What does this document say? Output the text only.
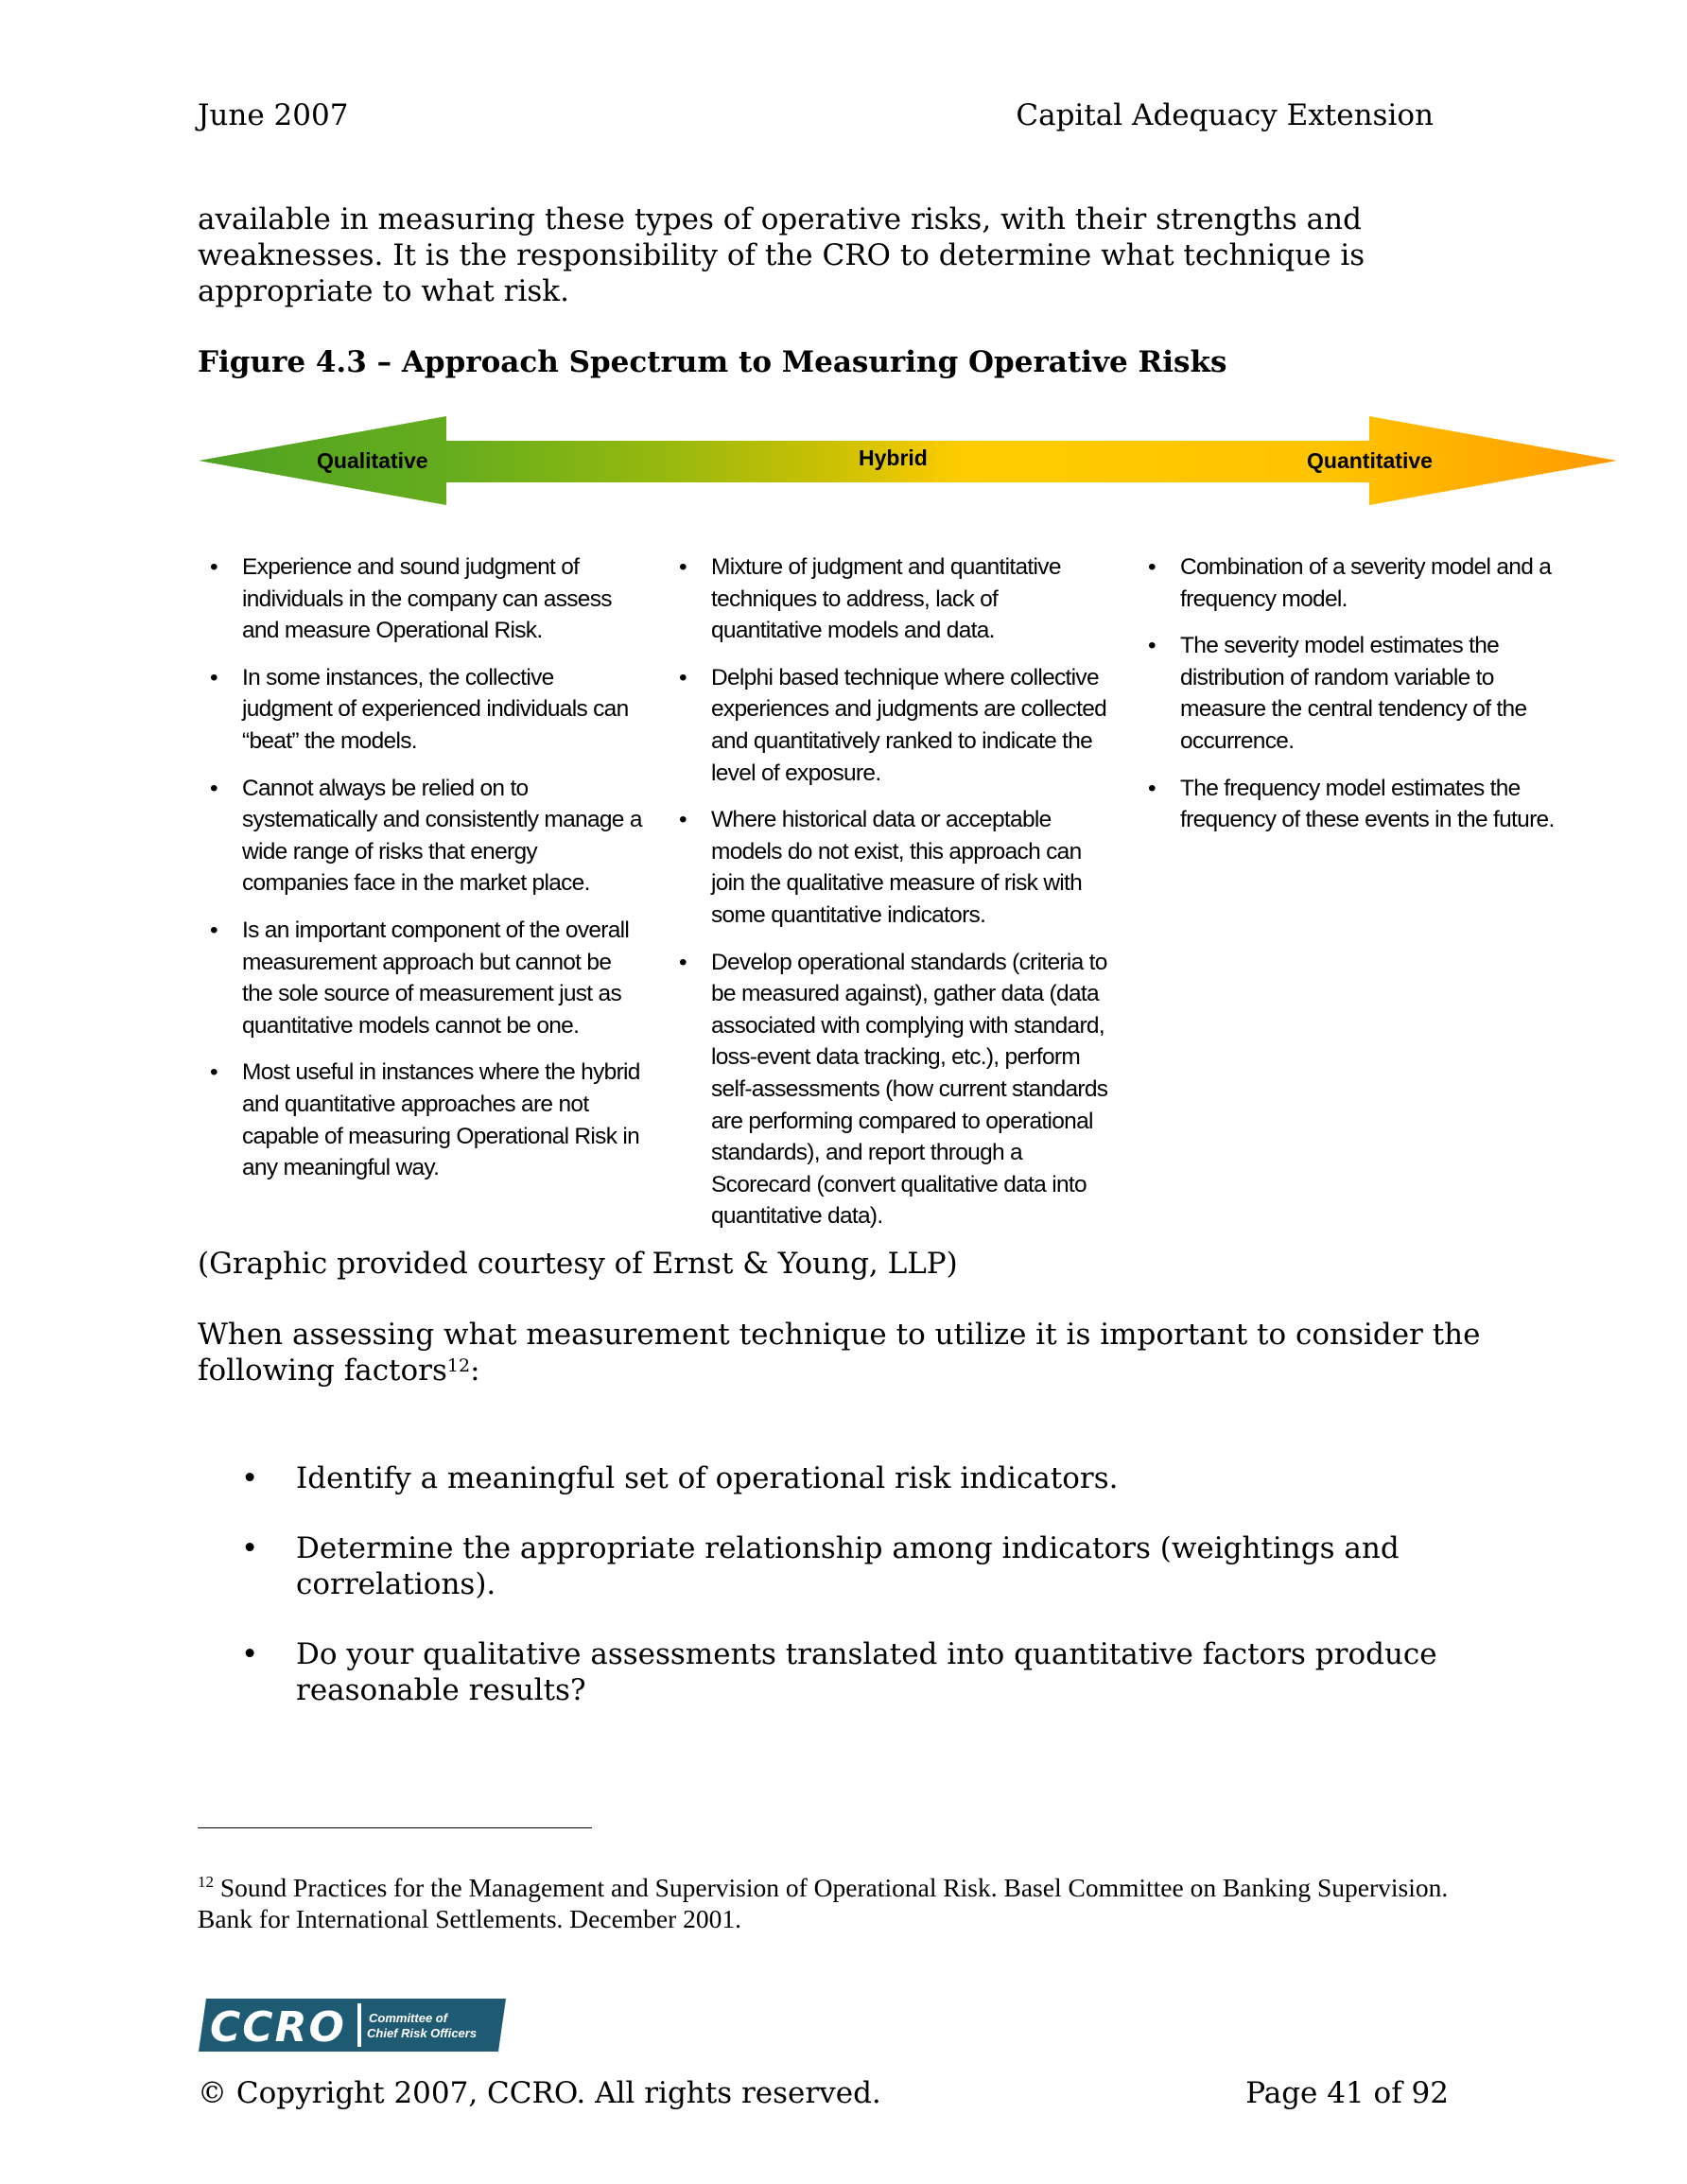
June 2007	Capital Adequacy Extension
available in measuring these types of operative risks, with their strengths and weaknesses. It is the responsibility of the CRO to determine what technique is appropriate to what risk.
Figure 4.3 – Approach Spectrum to Measuring Operative Risks
Qualitative	Hybrid	Quantitative
• Experience and sound judgment of individuals in the company can assess and measure Operational Risk.
• In some instances, the collective judgment of experienced individuals can “beat” the models.
• Cannot always be relied on to systematically and consistently manage a wide range of risks that energy companies face in the market place.
• Is an important component of the overall measurement approach but cannot be the sole source of measurement just as quantitative models cannot be one.
• Most useful in instances where the hybrid and quantitative approaches are not capable of measuring Operational Risk in any meaningful way.
• Mixture of judgment and quantitative techniques to address, lack of quantitative models and data.
• Delphi based technique where collective experiences and judgments are collected and quantitatively ranked to indicate the level of exposure.
• Where historical data or acceptable models do not exist, this approach can join the qualitative measure of risk with some quantitative indicators.
• Develop operational standards (criteria to be measured against), gather data (data associated with complying with standard, loss-event data tracking, etc.), perform self-assessments (how current standards are performing compared to operational standards), and report through a Scorecard (convert qualitative data into quantitative data).
• Combination of a severity model and a frequency model.
• The severity model estimates the distribution of random variable to measure the central tendency of the occurrence.
• The frequency model estimates the frequency of these events in the future.
(Graphic provided courtesy of Ernst & Young, LLP)
When assessing what measurement technique to utilize it is important to consider the following factors$^{12}$:
• Identify a meaningful set of operational risk indicators.
• Determine the appropriate relationship among indicators (weightings and correlations).
• Do your qualitative assessments translated into quantitative factors produce reasonable results?
$^{12}$ Sound Practices for the Management and Supervision of Operational Risk. Basel Committee on Banking Supervision. Bank for International Settlements. December 2001.
CCRO Committee of
Chief Risk Officers
© Copyright 2007, CCRO. All rights reserved.	Page 41 of 92
